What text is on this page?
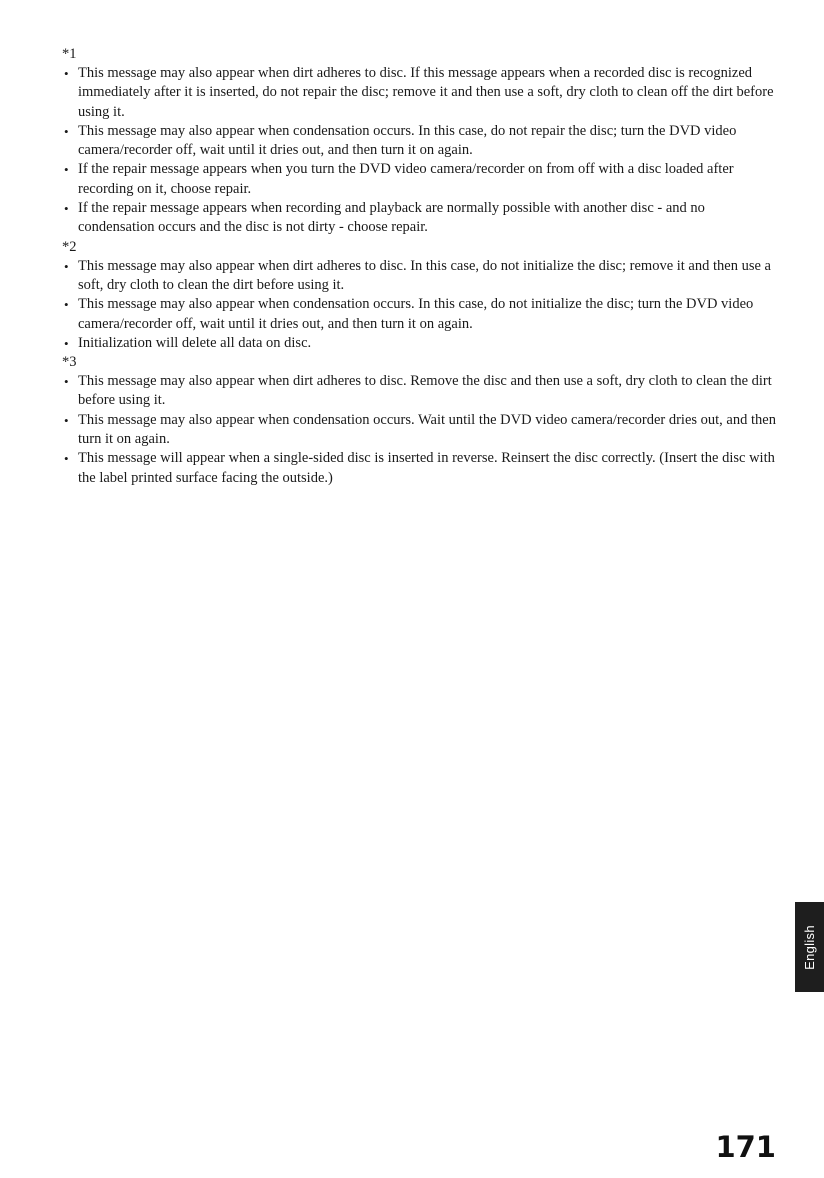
*1

• This message may also appear when dirt adheres to disc. If this message appears when a recorded disc is recognized immediately after it is inserted, do not repair the disc; remove it and then use a soft, dry cloth to clean off the dirt before using it.
• This message may also appear when condensation occurs. In this case, do not repair the disc; turn the DVD video camera/recorder off, wait until it dries out, and then turn it on again.
• If the repair message appears when you turn the DVD video camera/recorder on from off with a disc loaded after recording on it, choose repair.
• If the repair message appears when recording and playback are normally possible with another disc - and no condensation occurs and the disc is not dirty - choose repair.

*2

• This message may also appear when dirt adheres to disc. In this case, do not initialize the disc; remove it and then use a soft, dry cloth to clean the dirt before using it.
• This message may also appear when condensation occurs. In this case, do not initialize the disc; turn the DVD video camera/recorder off, wait until it dries out, and then turn it on again.
• Initialization will delete all data on disc.

*3

• This message may also appear when dirt adheres to disc. Remove the disc and then use a soft, dry cloth to clean the dirt before using it.
• This message may also appear when condensation occurs. Wait until the DVD video camera/recorder dries out, and then turn it on again.
• This message will appear when a single-sided disc is inserted in reverse. Reinsert the disc correctly. (Insert the disc with the label printed surface facing the outside.)
English
171
